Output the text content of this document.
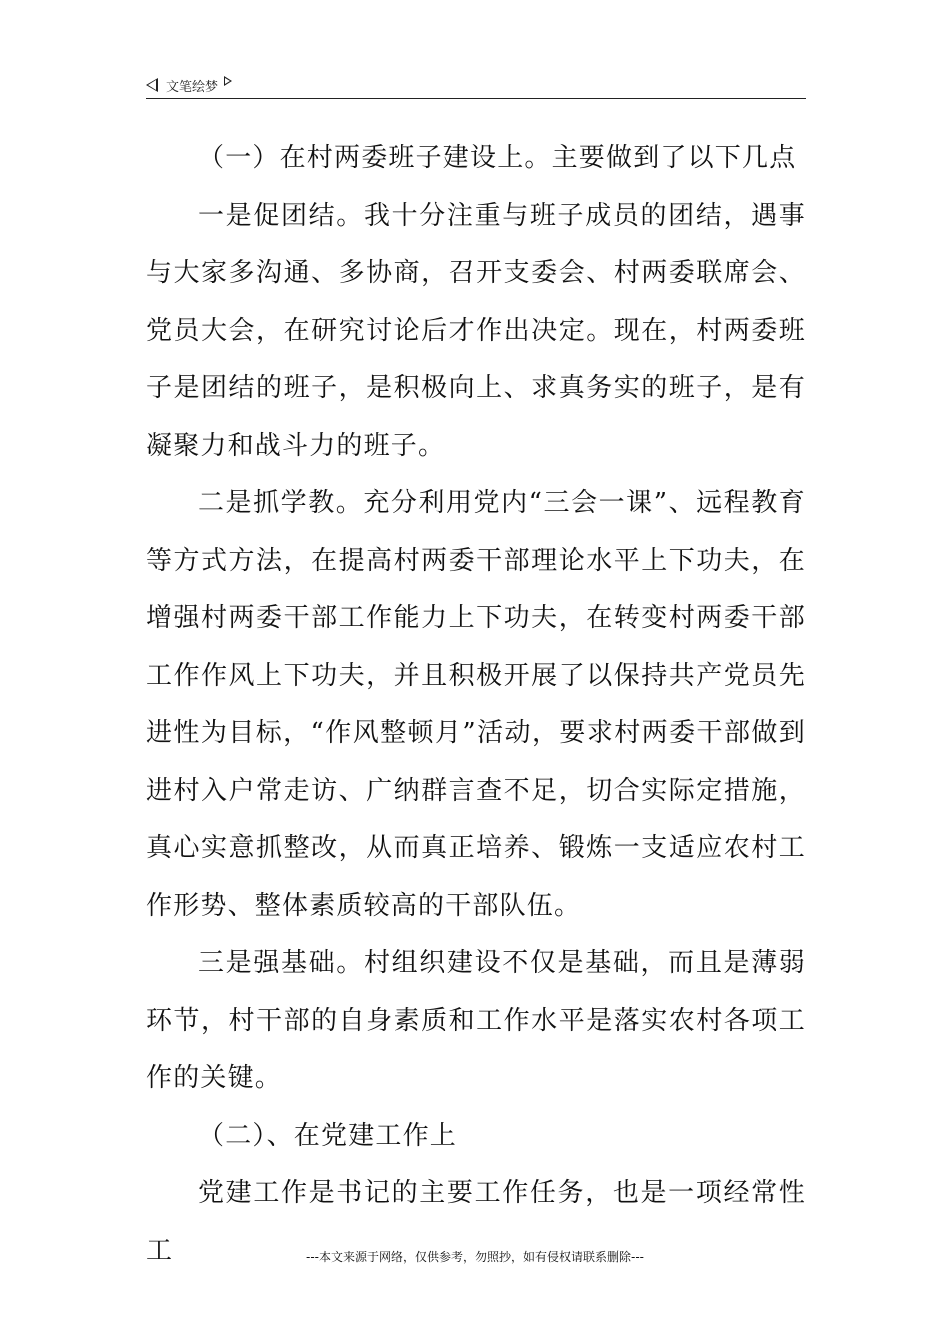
文笔绘梦

（一）在村两委班子建设上。主要做到了以下几点

一是促团结。我十分注重与班子成员的团结，遇事与大家多沟通、多协商，召开支委会、村两委联席会、党员大会，在研究讨论后才作出决定。现在，村两委班子是团结的班子，是积极向上、求真务实的班子，是有凝聚力和战斗力的班子。

二是抓学教。充分利用党内“三会一课”、远程教育等方式方法，在提高村两委干部理论水平上下功夫，在增强村两委干部工作能力上下功夫，在转变村两委干部工作作风上下功夫，并且积极开展了以保持共产党员先进性为目标，“作风整顿月”活动，要求村两委干部做到进村入户常走访、广纳群言查不足，切合实际定措施，真心实意抓整改，从而真正培养、锻炼一支适应农村工作形势、整体素质较高的干部队伍。

三是强基础。村组织建设不仅是基础，而且是薄弱环节，村干部的自身素质和工作水平是落实农村各项工作的关键。

（二）、在党建工作上

党建工作是书记的主要工作任务，也是一项经常性工	---本文来源于网络，仅供参考，勿照抄，如有侵权请联系删除---
